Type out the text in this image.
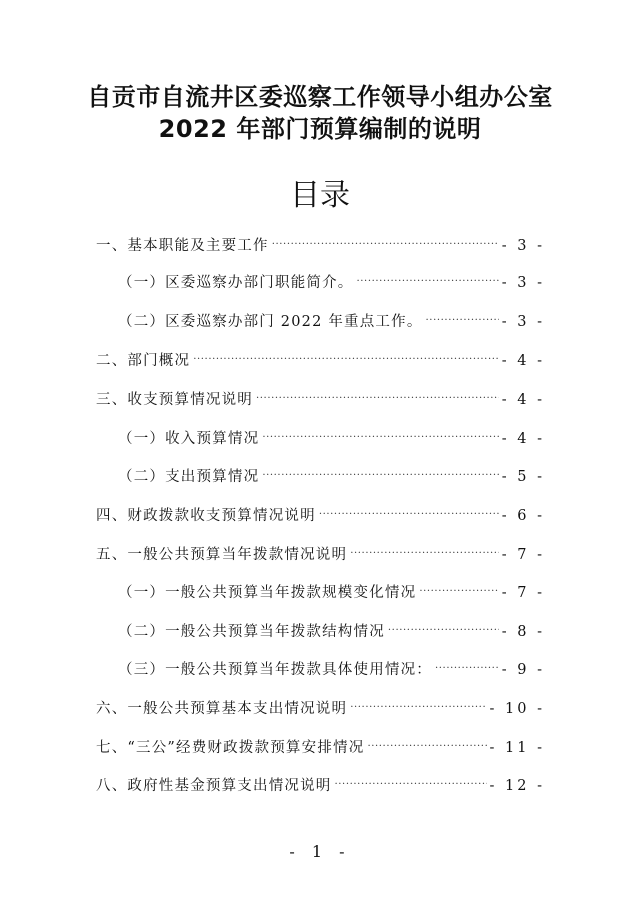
自贡市自流井区委巡察工作领导小组办公室
2022 年部门预算编制的说明
目录
一、基本职能及主要工作 .....	- 3 -
（一）区委巡察办部门职能简介。 .....	- 3 -
（二）区委巡察办部门 2022 年重点工作。 .....	- 3 -
二、部门概况 .....	- 4 -
三、收支预算情况说明 .....	- 4 -
（一）收入预算情况 .....	- 4 -
（二）支出预算情况 .....	- 5 -
四、财政拨款收支预算情况说明 .....	- 6 -
五、一般公共预算当年拨款情况说明 .....	- 7 -
（一）一般公共预算当年拨款规模变化情况 .....	- 7 -
（二）一般公共预算当年拨款结构情况 .....	- 8 -
（三）一般公共预算当年拨款具体使用情况： .....	- 9 -
六、一般公共预算基本支出情况说明 .....	- 10 -
七、“三公”经费财政拨款预算安排情况 .....	- 11 -
八、政府性基金预算支出情况说明 .....	- 12 -
- 1 -
